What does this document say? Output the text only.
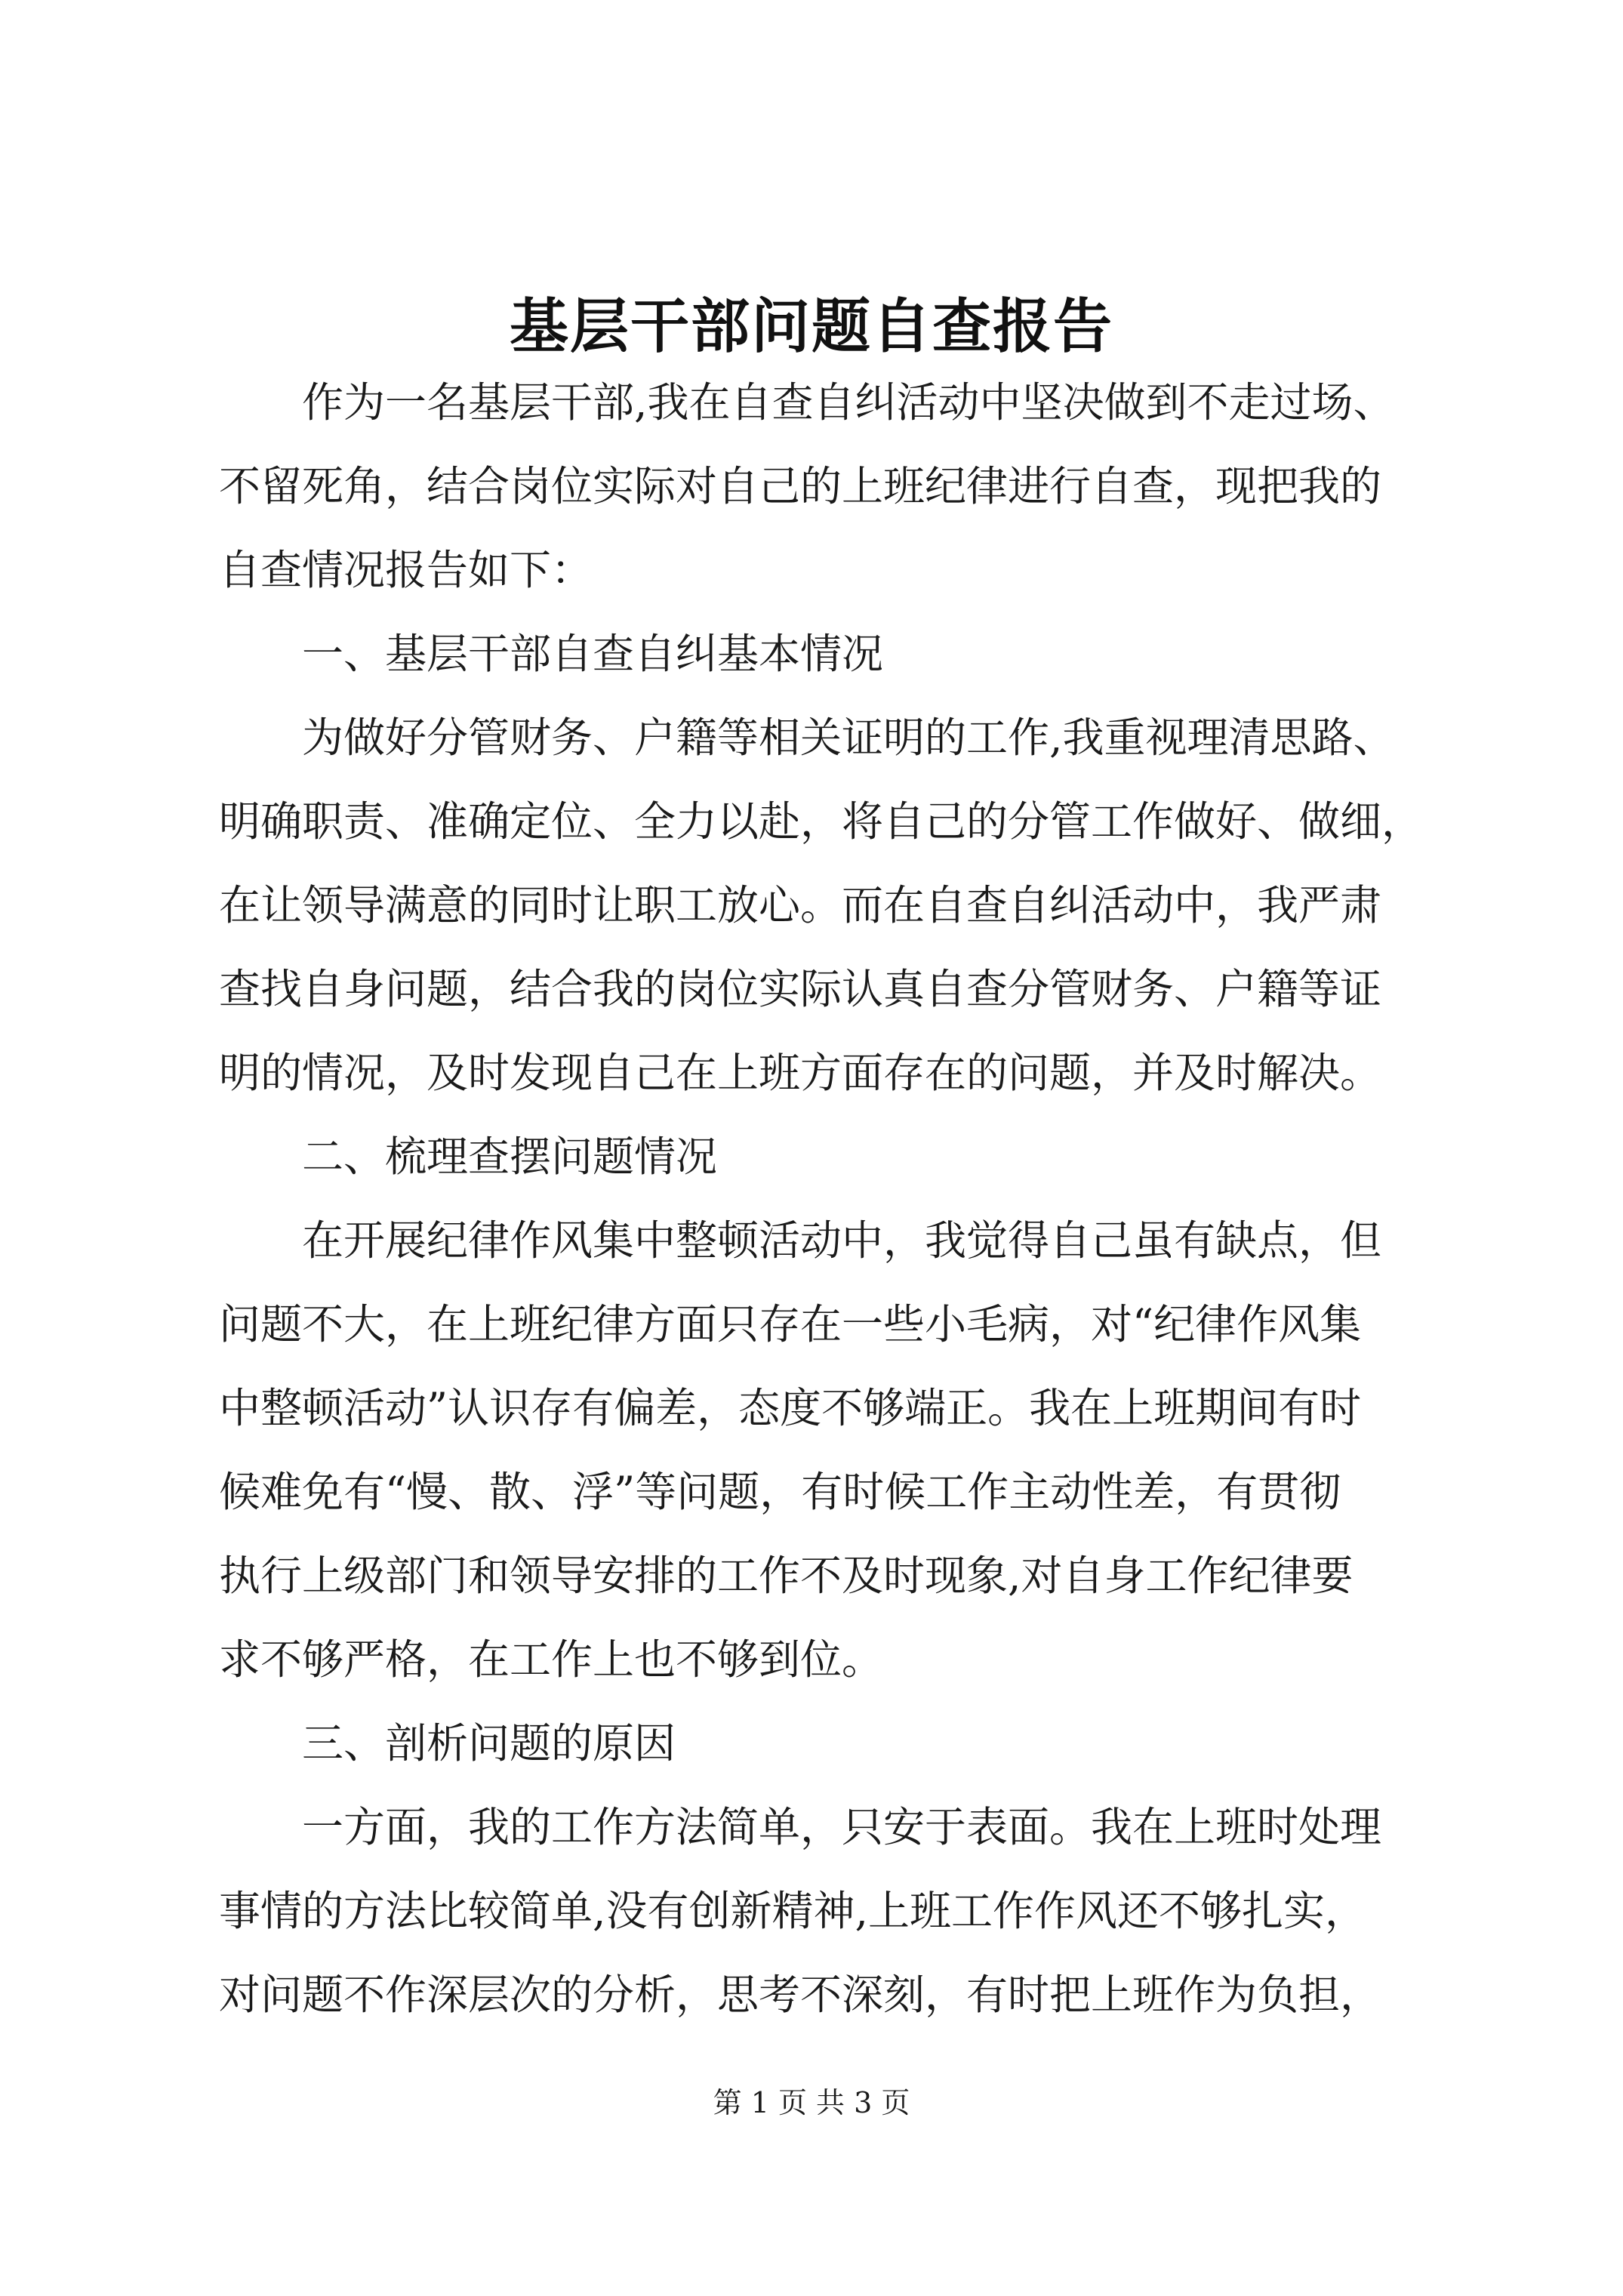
基层干部问题自查报告
作为一名基层干部,我在自查自纠活动中坚决做到不走过场、
不留死角，结合岗位实际对自己的上班纪律进行自查，现把我的
自查情况报告如下：
一、基层干部自查自纠基本情况
为做好分管财务、户籍等相关证明的工作,我重视理清思路、
明确职责、准确定位、全力以赴，将自己的分管工作做好、做细，
在让领导满意的同时让职工放心。而在自查自纠活动中，我严肃
查找自身问题，结合我的岗位实际认真自查分管财务、户籍等证
明的情况，及时发现自己在上班方面存在的问题，并及时解决。
二、梳理查摆问题情况
在开展纪律作风集中整顿活动中，我觉得自己虽有缺点，但
问题不大，在上班纪律方面只存在一些小毛病，对“纪律作风集
中整顿活动”认识存有偏差，态度不够端正。我在上班期间有时
候难免有“慢、散、浮”等问题，有时候工作主动性差，有贯彻
执行上级部门和领导安排的工作不及时现象,对自身工作纪律要
求不够严格，在工作上也不够到位。
三、剖析问题的原因
一方面，我的工作方法简单，只安于表面。我在上班时处理
事情的方法比较简单,没有创新精神,上班工作作风还不够扎实，
对问题不作深层次的分析，思考不深刻，有时把上班作为负担，
第 1 页 共 3 页
